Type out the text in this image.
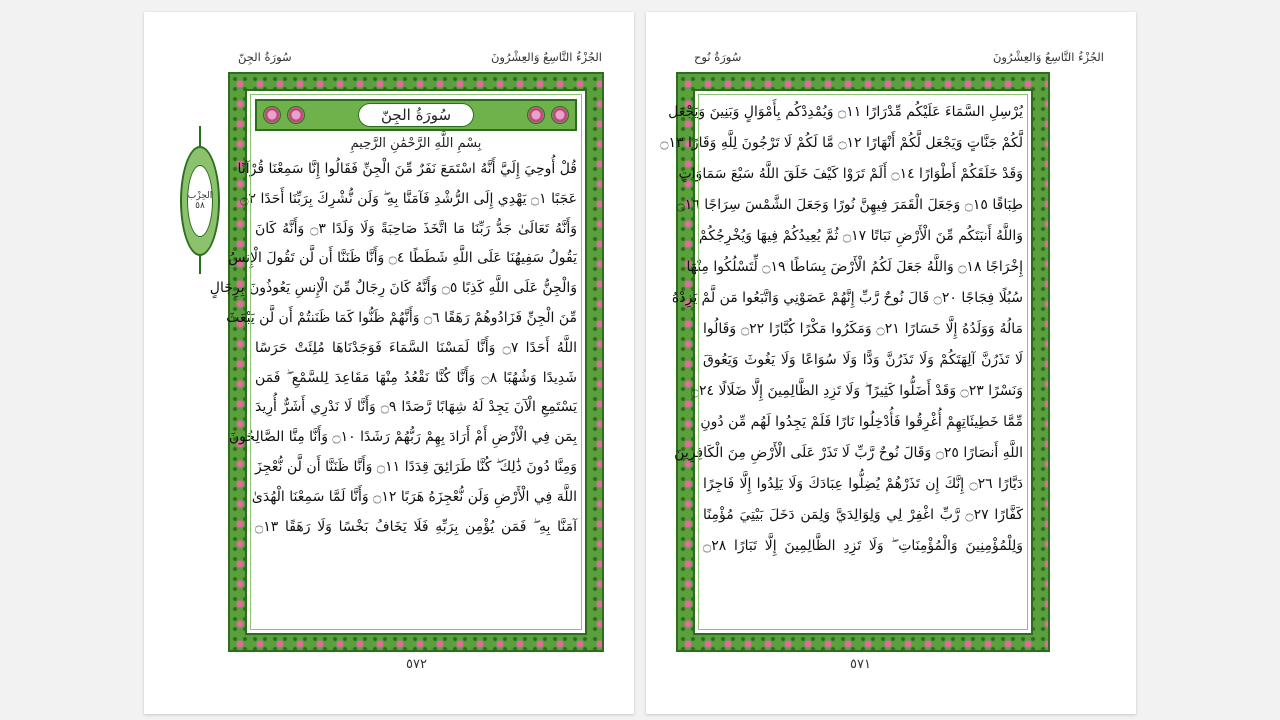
الجُزْءُ التَّاسِعُ وَالعِشْرُونَ
سُورَةُ الجِنّ
الحِزْب
٥٨
سُورَةُ الجِنّ
بِسْمِ اللَّهِ الرَّحْمَٰنِ الرَّحِيمِ
قُلْ أُوحِيَ إِلَيَّ أَنَّهُ اسْتَمَعَ نَفَرٌ مِّنَ الْجِنِّ فَقَالُوا إِنَّا سَمِعْنَا قُرْآنًا
عَجَبًا ۝١ يَهْدِي إِلَى الرُّشْدِ فَآمَنَّا بِهِ ۖ وَلَن نُّشْرِكَ بِرَبِّنَا أَحَدًا ۝٢
وَأَنَّهُ تَعَالَىٰ جَدُّ رَبِّنَا مَا اتَّخَذَ صَاحِبَةً وَلَا وَلَدًا ۝٣ وَأَنَّهُ كَانَ
يَقُولُ سَفِيهُنَا عَلَى اللَّهِ شَطَطًا ۝٤ وَأَنَّا ظَنَنَّا أَن لَّن تَقُولَ الْإِنسُ
وَالْجِنُّ عَلَى اللَّهِ كَذِبًا ۝٥ وَأَنَّهُ كَانَ رِجَالٌ مِّنَ الْإِنسِ يَعُوذُونَ بِرِجَالٍ
مِّنَ الْجِنِّ فَزَادُوهُمْ رَهَقًا ۝٦ وَأَنَّهُمْ ظَنُّوا كَمَا ظَنَنتُمْ أَن لَّن يَبْعَثَ
اللَّهُ أَحَدًا ۝٧ وَأَنَّا لَمَسْنَا السَّمَاءَ فَوَجَدْنَاهَا مُلِئَتْ حَرَسًا
شَدِيدًا وَشُهُبًا ۝٨ وَأَنَّا كُنَّا نَقْعُدُ مِنْهَا مَقَاعِدَ لِلسَّمْعِ ۖ فَمَن
يَسْتَمِعِ الْآنَ يَجِدْ لَهُ شِهَابًا رَّصَدًا ۝٩ وَأَنَّا لَا نَدْرِي أَشَرٌّ أُرِيدَ
بِمَن فِي الْأَرْضِ أَمْ أَرَادَ بِهِمْ رَبُّهُمْ رَشَدًا ۝١٠ وَأَنَّا مِنَّا الصَّالِحُونَ
وَمِنَّا دُونَ ذَٰلِكَ ۖ كُنَّا طَرَائِقَ قِدَدًا ۝١١ وَأَنَّا ظَنَنَّا أَن لَّن نُّعْجِزَ
اللَّهَ فِي الْأَرْضِ وَلَن نُّعْجِزَهُ هَرَبًا ۝١٢ وَأَنَّا لَمَّا سَمِعْنَا الْهُدَىٰ
آمَنَّا بِهِ ۖ فَمَن يُؤْمِن بِرَبِّهِ فَلَا يَخَافُ بَخْسًا وَلَا رَهَقًا ۝١٣
٥٧٢
الجُزْءُ التَّاسِعُ وَالعِشْرُونَ
سُورَةُ نُوح
يُرْسِلِ السَّمَاءَ عَلَيْكُم مِّدْرَارًا ۝١١ وَيُمْدِدْكُم بِأَمْوَالٍ وَبَنِينَ وَيَجْعَل
لَّكُمْ جَنَّاتٍ وَيَجْعَل لَّكُمْ أَنْهَارًا ۝١٢ مَّا لَكُمْ لَا تَرْجُونَ لِلَّهِ وَقَارًا ۝١٣
وَقَدْ خَلَقَكُمْ أَطْوَارًا ۝١٤ أَلَمْ تَرَوْا كَيْفَ خَلَقَ اللَّهُ سَبْعَ سَمَاوَاتٍ
طِبَاقًا ۝١٥ وَجَعَلَ الْقَمَرَ فِيهِنَّ نُورًا وَجَعَلَ الشَّمْسَ سِرَاجًا ۝١٦
وَاللَّهُ أَنبَتَكُم مِّنَ الْأَرْضِ نَبَاتًا ۝١٧ ثُمَّ يُعِيدُكُمْ فِيهَا وَيُخْرِجُكُمْ
إِخْرَاجًا ۝١٨ وَاللَّهُ جَعَلَ لَكُمُ الْأَرْضَ بِسَاطًا ۝١٩ لِّتَسْلُكُوا مِنْهَا
سُبُلًا فِجَاجًا ۝٢٠ قَالَ نُوحٌ رَّبِّ إِنَّهُمْ عَصَوْنِي وَاتَّبَعُوا مَن لَّمْ يَزِدْهُ
مَالُهُ وَوَلَدُهُ إِلَّا خَسَارًا ۝٢١ وَمَكَرُوا مَكْرًا كُبَّارًا ۝٢٢ وَقَالُوا
لَا تَذَرُنَّ آلِهَتَكُمْ وَلَا تَذَرُنَّ وَدًّا وَلَا سُوَاعًا وَلَا يَغُوثَ وَيَعُوقَ
وَنَسْرًا ۝٢٣ وَقَدْ أَضَلُّوا كَثِيرًا ۖ وَلَا تَزِدِ الظَّالِمِينَ إِلَّا ضَلَالًا ۝٢٤
مِّمَّا خَطِيئَاتِهِمْ أُغْرِقُوا فَأُدْخِلُوا نَارًا فَلَمْ يَجِدُوا لَهُم مِّن دُونِ
اللَّهِ أَنصَارًا ۝٢٥ وَقَالَ نُوحٌ رَّبِّ لَا تَذَرْ عَلَى الْأَرْضِ مِنَ الْكَافِرِينَ
دَيَّارًا ۝٢٦ إِنَّكَ إِن تَذَرْهُمْ يُضِلُّوا عِبَادَكَ وَلَا يَلِدُوا إِلَّا فَاجِرًا
كَفَّارًا ۝٢٧ رَّبِّ اغْفِرْ لِي وَلِوَالِدَيَّ وَلِمَن دَخَلَ بَيْتِيَ مُؤْمِنًا
وَلِلْمُؤْمِنِينَ وَالْمُؤْمِنَاتِ ۖ وَلَا تَزِدِ الظَّالِمِينَ إِلَّا تَبَارًا ۝٢٨
٥٧١
